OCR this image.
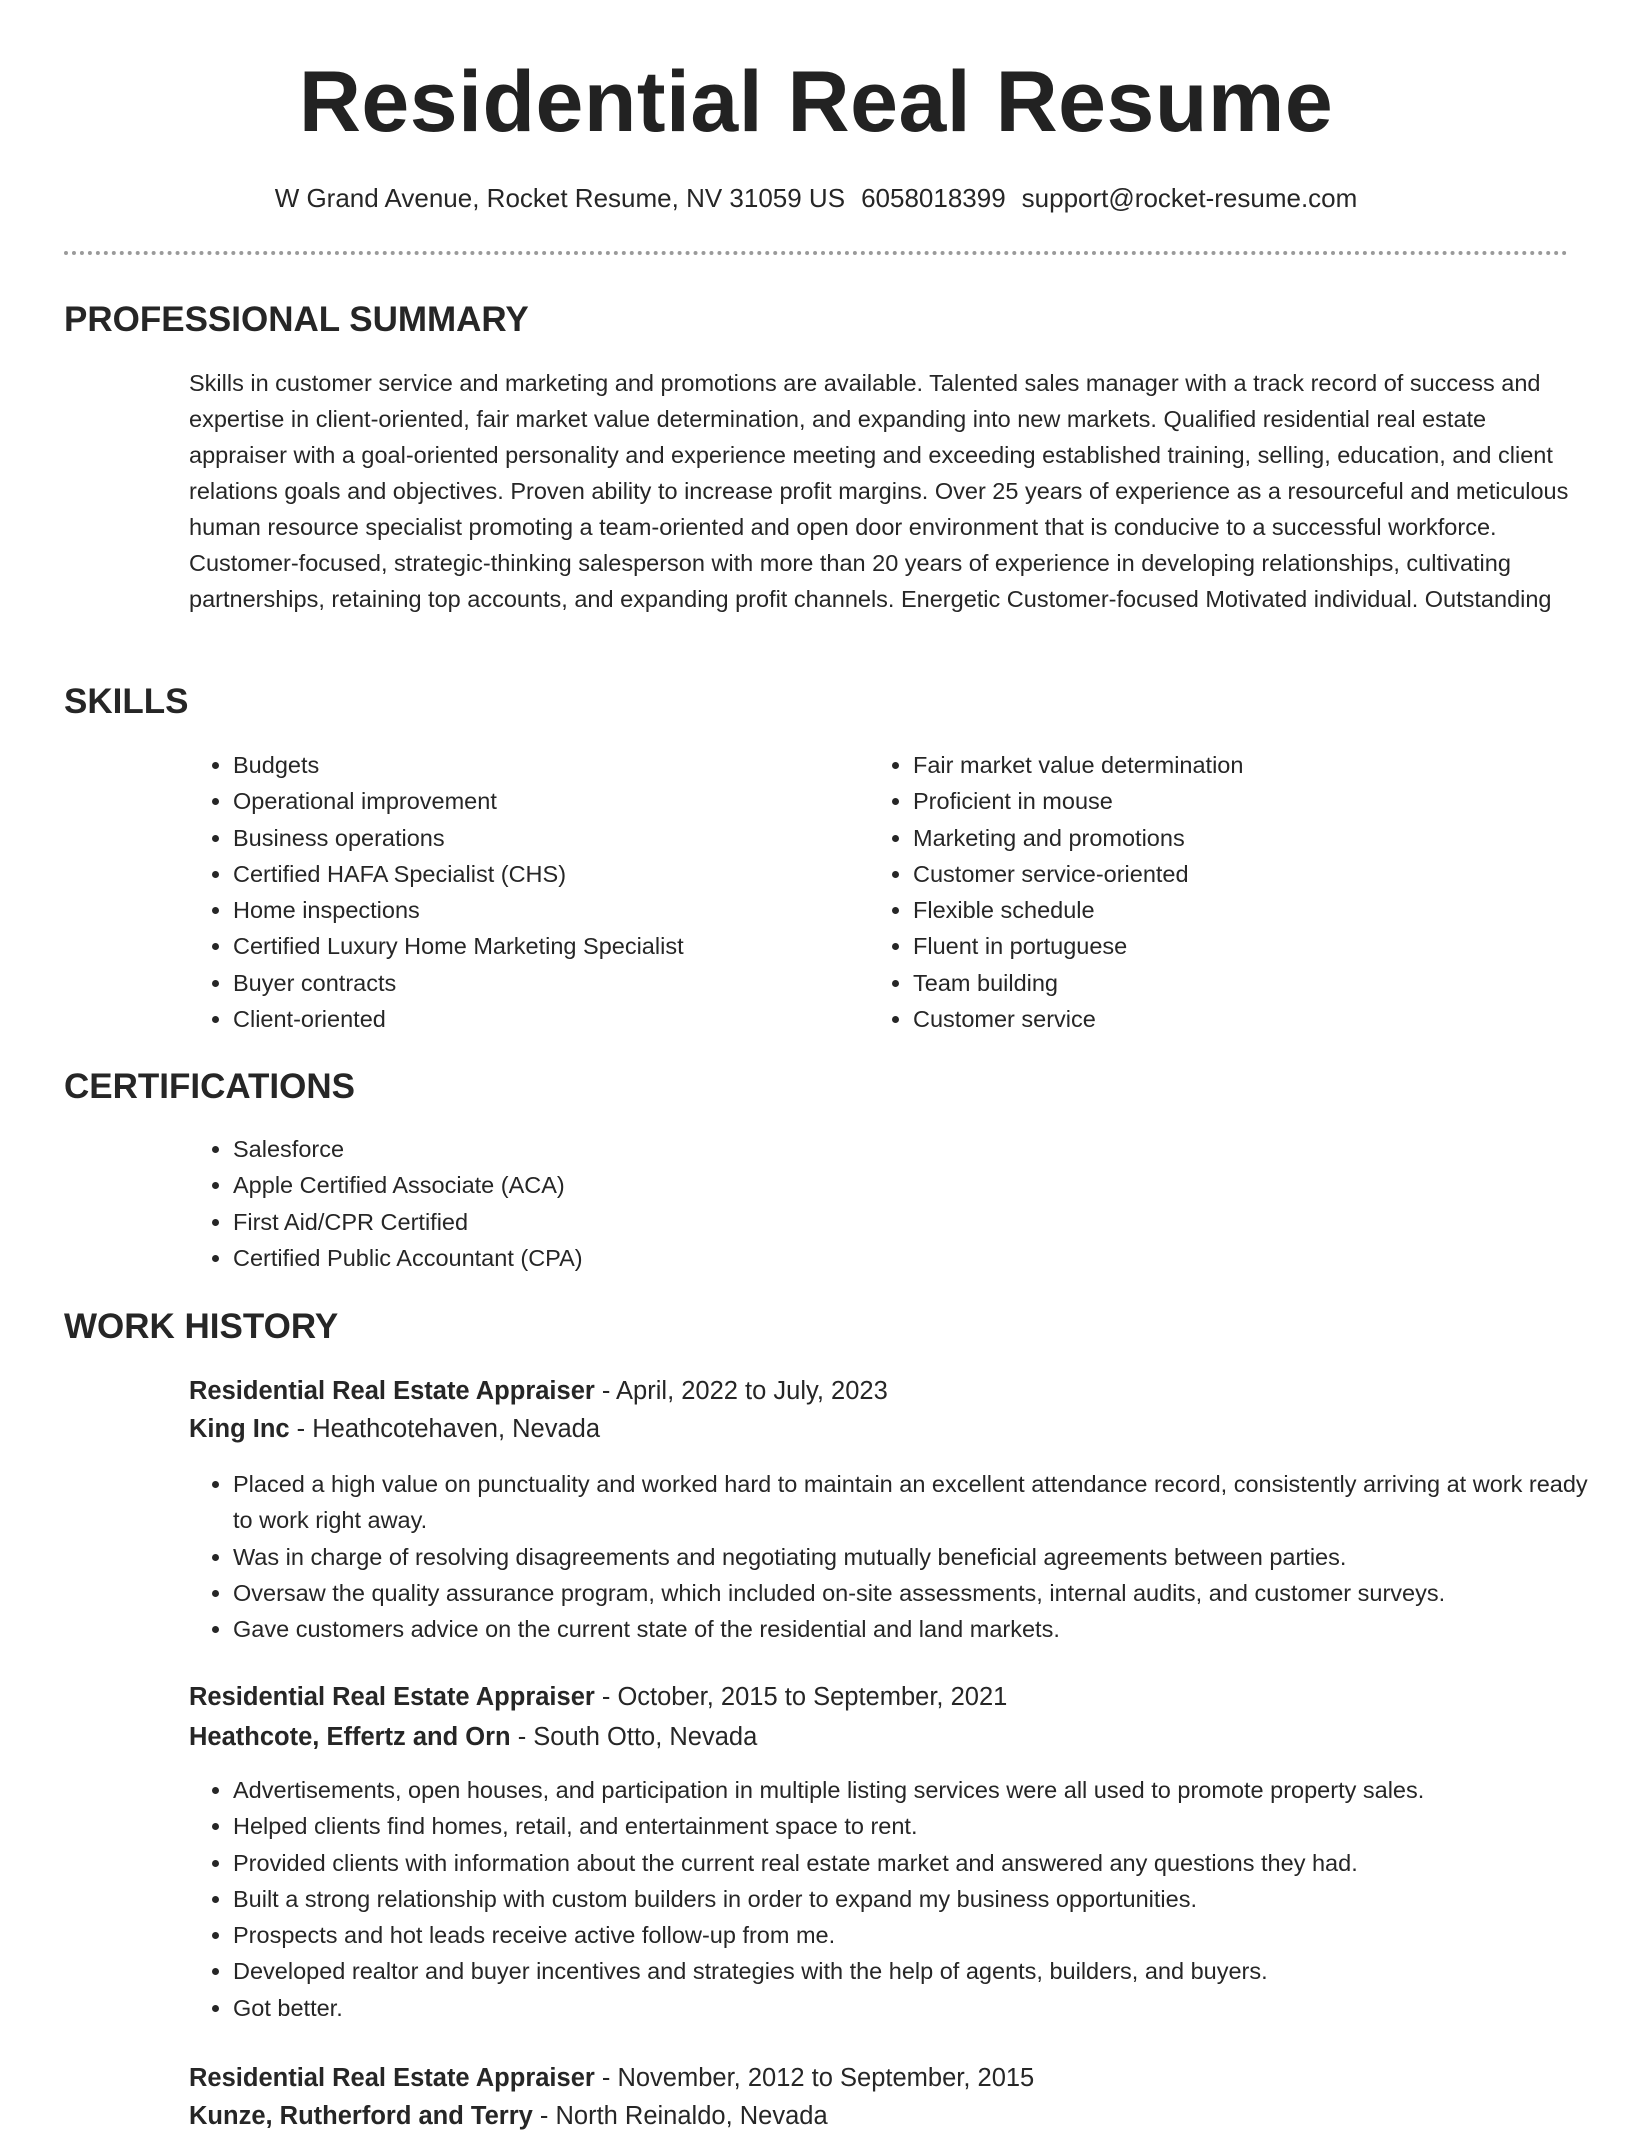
Residential Real Resume
W Grand Avenue, Rocket Resume, NV 31059 US 6058018399 support@rocket-resume.com
PROFESSIONAL SUMMARY
Skills in customer service and marketing and promotions are available. Talented sales manager with a track record of success and expertise in client-oriented, fair market value determination, and expanding into new markets. Qualified residential real estate appraiser with a goal-oriented personality and experience meeting and exceeding established training, selling, education, and client relations goals and objectives. Proven ability to increase profit margins. Over 25 years of experience as a resourceful and meticulous human resource specialist promoting a team-oriented and open door environment that is conducive to a successful workforce. Customer-focused, strategic-thinking salesperson with more than 20 years of experience in developing relationships, cultivating partnerships, retaining top accounts, and expanding profit channels. Energetic Customer-focused Motivated individual. Outstanding
SKILLS
• Budgets
• Operational improvement
• Business operations
• Certified HAFA Specialist (CHS)
• Home inspections
• Certified Luxury Home Marketing Specialist
• Buyer contracts
• Client-oriented
• Fair market value determination
• Proficient in mouse
• Marketing and promotions
• Customer service-oriented
• Flexible schedule
• Fluent in portuguese
• Team building
• Customer service
CERTIFICATIONS
• Salesforce
• Apple Certified Associate (ACA)
• First Aid/CPR Certified
• Certified Public Accountant (CPA)
WORK HISTORY
Residential Real Estate Appraiser - April, 2022 to July, 2023
King Inc - Heathcotehaven, Nevada
• Placed a high value on punctuality and worked hard to maintain an excellent attendance record, consistently arriving at work ready to work right away.
• Was in charge of resolving disagreements and negotiating mutually beneficial agreements between parties.
• Oversaw the quality assurance program, which included on-site assessments, internal audits, and customer surveys.
• Gave customers advice on the current state of the residential and land markets.
Residential Real Estate Appraiser - October, 2015 to September, 2021
Heathcote, Effertz and Orn - South Otto, Nevada
• Advertisements, open houses, and participation in multiple listing services were all used to promote property sales.
• Helped clients find homes, retail, and entertainment space to rent.
• Provided clients with information about the current real estate market and answered any questions they had.
• Built a strong relationship with custom builders in order to expand my business opportunities.
• Prospects and hot leads receive active follow-up from me.
• Developed realtor and buyer incentives and strategies with the help of agents, builders, and buyers.
• Got better.
Residential Real Estate Appraiser - November, 2012 to September, 2015
Kunze, Rutherford and Terry - North Reinaldo, Nevada
